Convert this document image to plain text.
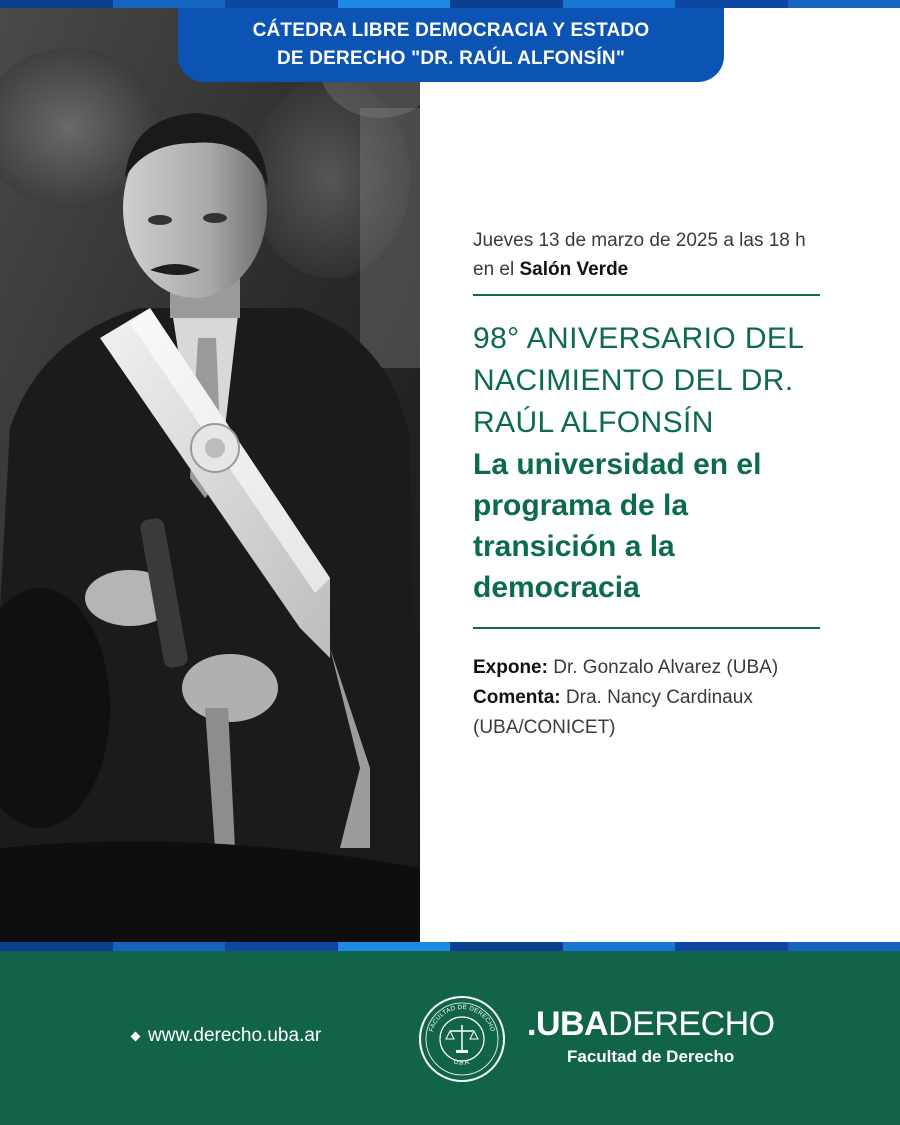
CÁTEDRA LIBRE DEMOCRACIA Y ESTADO
DE DERECHO "DR. RAÚL ALFONSÍN"
Jueves 13 de marzo de 2025 a las 18 h
en el Salón Verde
98° ANIVERSARIO DEL
NACIMIENTO DEL DR.
RAÚL ALFONSÍN
La universidad en el
programa de la
transición a la
democracia
Expone: Dr. Gonzalo Alvarez (UBA)
Comenta: Dra. Nancy Cardinaux
(UBA/CONICET)
www.derecho.uba.ar	FACULTAD DE DERECHO
U.B.A.
.UBADERECHO
Facultad de Derecho
